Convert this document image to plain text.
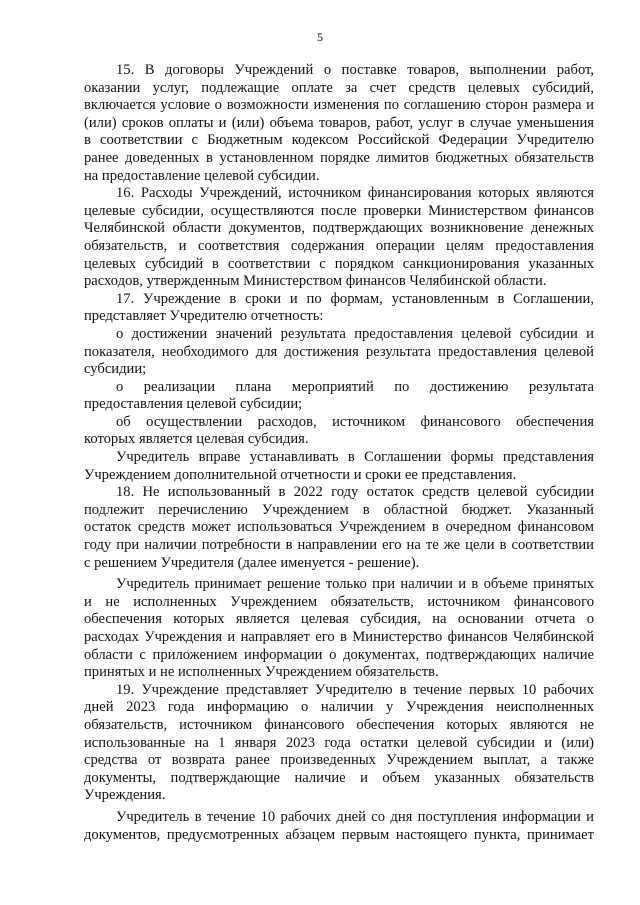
5
15. В договоры Учреждений о поставке товаров, выполнении работ,
оказании услуг, подлежащие оплате за счет средств целевых субсидий,
включается условие о возможности изменения по соглашению сторон размера и
(или) сроков оплаты и (или) объема товаров, работ, услуг в случае уменьшения
в соответствии с Бюджетным кодексом Российской Федерации Учредителю
ранее доведенных в установленном порядке лимитов бюджетных обязательств
на предоставление целевой субсидии.
16. Расходы Учреждений, источником финансирования которых являются
целевые субсидии, осуществляются после проверки Министерством финансов
Челябинской области документов, подтверждающих возникновение денежных
обязательств, и соответствия содержания операции целям предоставления
целевых субсидий в соответствии с порядком санкционирования указанных
расходов, утвержденным Министерством финансов Челябинской области.
17. Учреждение в сроки и по формам, установленным в Соглашении,
представляет Учредителю отчетность:
о достижении значений результата предоставления целевой субсидии и
показателя, необходимого для достижения результата предоставления целевой
субсидии;
о реализации плана мероприятий по достижению результата
предоставления целевой субсидии;
об осуществлении расходов, источником финансового обеспечения
которых является целевая субсидия.
Учредитель вправе устанавливать в Соглашении формы представления
Учреждением дополнительной отчетности и сроки ее представления.
18. Не использованный в 2022 году остаток средств целевой субсидии
подлежит перечислению Учреждением в областной бюджет. Указанный
остаток средств может использоваться Учреждением в очередном финансовом
году при наличии потребности в направлении его на те же цели в соответствии
с решением Учредителя (далее именуется - решение).
Учредитель принимает решение только при наличии и в объеме принятых
и не исполненных Учреждением обязательств, источником финансового
обеспечения которых является целевая субсидия, на основании отчета о
расходах Учреждения и направляет его в Министерство финансов Челябинской
области с приложением информации о документах, подтверждающих наличие
принятых и не исполненных Учреждением обязательств.
19. Учреждение представляет Учредителю в течение первых 10 рабочих
дней 2023 года информацию о наличии у Учреждения неисполненных
обязательств, источником финансового обеспечения которых являются не
использованные на 1 января 2023 года остатки целевой субсидии и (или)
средства от возврата ранее произведенных Учреждением выплат, а также
документы, подтверждающие наличие и объем указанных обязательств
Учреждения.
Учредитель в течение 10 рабочих дней со дня поступления информации и
документов, предусмотренных абзацем первым настоящего пункта, принимает
